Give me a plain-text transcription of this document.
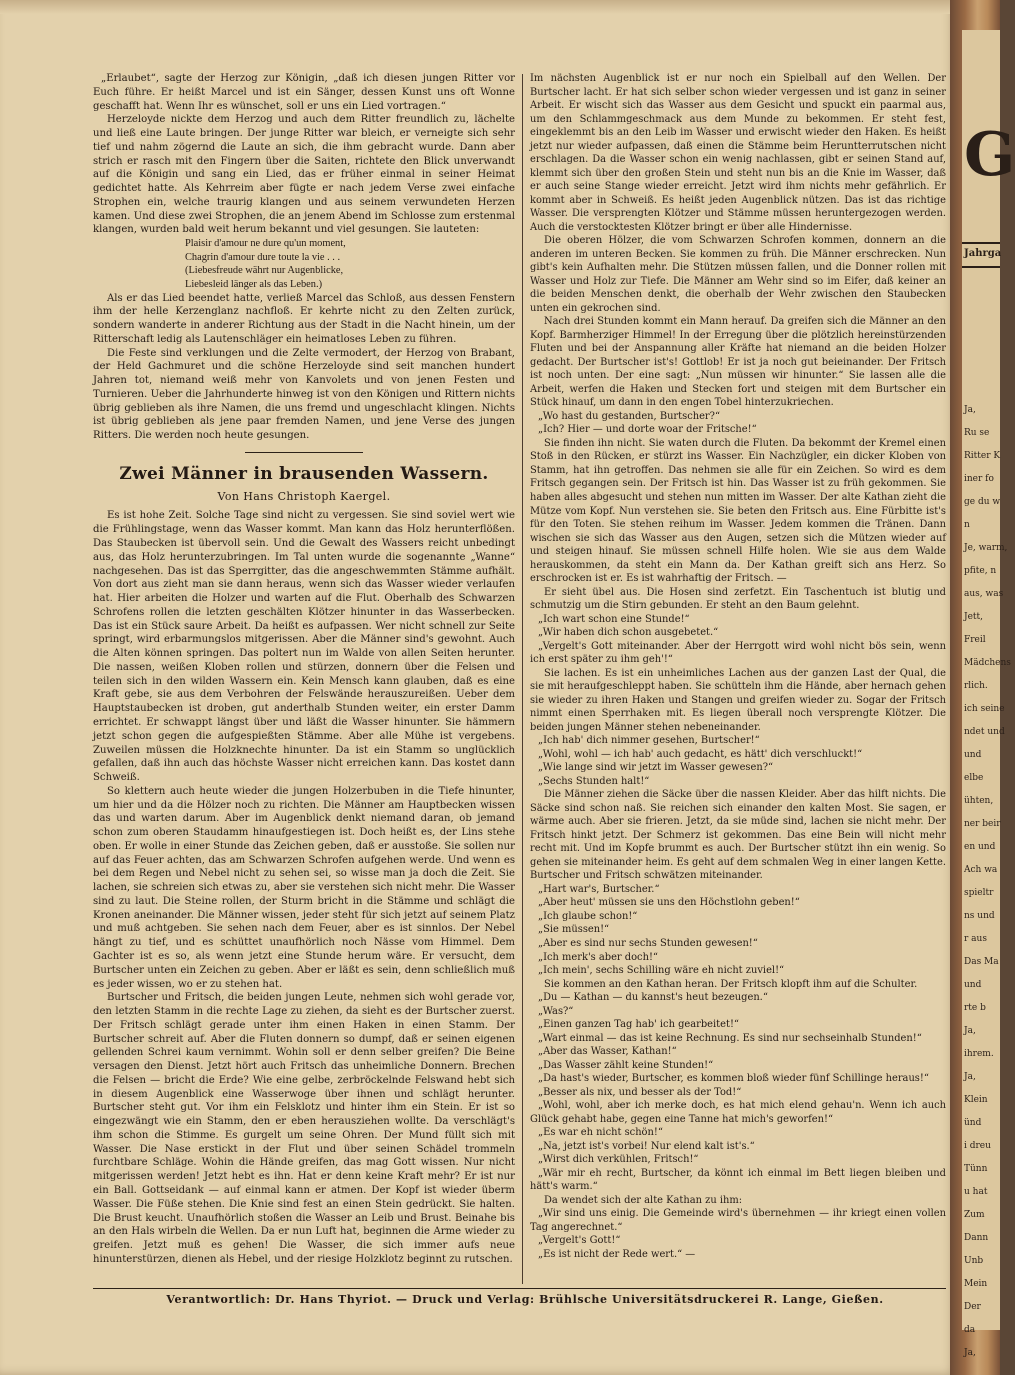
G
Jahrga
Ja,
Ru se
Ritter K
iner fo
ge du w
n
Je, warm,
pfite, n
aus, was
Jett,
Freil
Mädchens
rlich.
ich seine
ndet und
und
elbe
ühten,
ner beir
en und
Ach wa
spieltr
ns und
r aus
Das Ma
und
rte b
Ja,
ihrem.
Ja,
Klein
ünd
i dreu
Tünn
u hat
Zum
Dann
Unb
Mein
Der
da
Ja,

„Erlaubet“, sagte der Herzog zur Königin, „daß ich diesen jungen Ritter vor Euch führe. Er heißt Marcel und ist ein Sänger, dessen Kunst uns oft Wonne geschafft hat. Wenn Ihr es wünschet, soll er uns ein Lied vortragen.“

Herzeloyde nickte dem Herzog und auch dem Ritter freundlich zu, lächelte und ließ eine Laute bringen. Der junge Ritter war bleich, er verneigte sich sehr tief und nahm zögernd die Laute an sich, die ihm gebracht wurde. Dann aber strich er rasch mit den Fingern über die Saiten, richtete den Blick unverwandt auf die Königin und sang ein Lied, das er früher einmal in seiner Heimat gedichtet hatte. Als Kehrreim aber fügte er nach jedem Verse zwei einfache Strophen ein, welche traurig klangen und aus seinem verwundeten Herzen kamen. Und diese zwei Strophen, die an jenem Abend im Schlosse zum erstenmal klangen, wurden bald weit herum bekannt und viel gesungen. Sie lauteten:

Plaisir d'amour ne dure qu'un moment,
Chagrin d'amour dure toute la vie . . .
(Liebesfreude währt nur Augenblicke,
Liebesleid länger als das Leben.)

Als er das Lied beendet hatte, verließ Marcel das Schloß, aus dessen Fenstern ihm der helle Kerzenglanz nachfloß. Er kehrte nicht zu den Zelten zurück, sondern wanderte in anderer Richtung aus der Stadt in die Nacht hinein, um der Ritterschaft ledig als Lautenschläger ein heimatloses Leben zu führen.

Die Feste sind verklungen und die Zelte vermodert, der Herzog von Brabant, der Held Gachmuret und die schöne Herzeloyde sind seit manchen hundert Jahren tot, niemand weiß mehr von Kanvolets und von jenen Festen und Turnieren. Ueber die Jahrhunderte hinweg ist von den Königen und Rittern nichts übrig geblieben als ihre Namen, die uns fremd und ungeschlacht klingen. Nichts ist übrig geblieben als jene paar fremden Namen, und jene Verse des jungen Ritters. Die werden noch heute gesungen.

Zwei Männer in brausenden Wassern.
Von Hans Christoph Kaergel.

Es ist hohe Zeit. Solche Tage sind nicht zu vergessen. Sie sind soviel wert wie die Frühlingstage, wenn das Wasser kommt. Man kann das Holz herunterflößen. Das Staubecken ist übervoll sein. Und die Gewalt des Wassers reicht unbedingt aus, das Holz herunterzubringen. Im Tal unten wurde die sogenannte „Wanne“ nachgesehen. Das ist das Sperrgitter, das die angeschwemmten Stämme aufhält. Von dort aus zieht man sie dann heraus, wenn sich das Wasser wieder verlaufen hat. Hier arbeiten die Holzer und warten auf die Flut. Oberhalb des Schwarzen Schrofens rollen die letzten geschälten Klötzer hinunter in das Wasserbecken. Das ist ein Stück saure Arbeit. Da heißt es aufpassen. Wer nicht schnell zur Seite springt, wird erbarmungslos mitgerissen. Aber die Männer sind's gewohnt. Auch die Alten können springen. Das poltert nun im Walde von allen Seiten herunter. Die nassen, weißen Kloben rollen und stürzen, donnern über die Felsen und teilen sich in den wilden Wassern ein. Kein Mensch kann glauben, daß es eine Kraft gebe, sie aus dem Verbohren der Felswände herauszureißen. Ueber dem Hauptstaubecken ist droben, gut anderthalb Stunden weiter, ein erster Damm errichtet. Er schwappt längst über und läßt die Wasser hinunter. Sie hämmern jetzt schon gegen die aufgespießten Stämme. Aber alle Mühe ist vergebens. Zuweilen müssen die Holzknechte hinunter. Da ist ein Stamm so unglücklich gefallen, daß ihn auch das höchste Wasser nicht erreichen kann. Das kostet dann Schweiß.

So klettern auch heute wieder die jungen Holzerbuben in die Tiefe hinunter, um hier und da die Hölzer noch zu richten. Die Männer am Hauptbecken wissen das und warten darum. Aber im Augenblick denkt niemand daran, ob jemand schon zum oberen Staudamm hinaufgestiegen ist. Doch heißt es, der Lins stehe oben. Er wolle in einer Stunde das Zeichen geben, daß er ausstoße. Sie sollen nur auf das Feuer achten, das am Schwarzen Schrofen aufgehen werde. Und wenn es bei dem Regen und Nebel nicht zu sehen sei, so wisse man ja doch die Zeit. Sie lachen, sie schreien sich etwas zu, aber sie verstehen sich nicht mehr. Die Wasser sind zu laut. Die Steine rollen, der Sturm bricht in die Stämme und schlägt die Kronen aneinander. Die Männer wissen, jeder steht für sich jetzt auf seinem Platz und muß achtgeben. Sie sehen nach dem Feuer, aber es ist sinnlos. Der Nebel hängt zu tief, und es schüttet unaufhörlich noch Nässe vom Himmel. Dem Gachter ist es so, als wenn jetzt eine Stunde herum wäre. Er versucht, dem Burtscher unten ein Zeichen zu geben. Aber er läßt es sein, denn schließlich muß es jeder wissen, wo er zu stehen hat.

Burtscher und Fritsch, die beiden jungen Leute, nehmen sich wohl gerade vor, den letzten Stamm in die rechte Lage zu ziehen, da sieht es der Burtscher zuerst. Der Fritsch schlägt gerade unter ihm einen Haken in einen Stamm. Der Burtscher schreit auf. Aber die Fluten donnern so dumpf, daß er seinen eigenen gellenden Schrei kaum vernimmt. Wohin soll er denn selber greifen? Die Beine versagen den Dienst. Jetzt hört auch Fritsch das unheimliche Donnern. Brechen die Felsen — bricht die Erde? Wie eine gelbe, zerbröckelnde Felswand hebt sich in diesem Augenblick eine Wasserwoge über ihnen und schlägt herunter. Burtscher steht gut. Vor ihm ein Felsklotz und hinter ihm ein Stein. Er ist so eingezwängt wie ein Stamm, den er eben herausziehen wollte. Da verschlägt's ihm schon die Stimme. Es gurgelt um seine Ohren. Der Mund füllt sich mit Wasser. Die Nase erstickt in der Flut und über seinen Schädel trommeln furchtbare Schläge. Wohin die Hände greifen, das mag Gott wissen. Nur nicht mitgerissen werden! Jetzt hebt es ihn. Hat er denn keine Kraft mehr? Er ist nur ein Ball. Gottseidank — auf einmal kann er atmen. Der Kopf ist wieder überm Wasser. Die Füße stehen. Die Knie sind fest an einen Stein gedrückt. Sie halten. Die Brust keucht. Unaufhörlich stoßen die Wasser an Leib und Brust. Beinahe bis an den Hals wirbeln die Wellen. Da er nun Luft hat, beginnen die Arme wieder zu greifen. Jetzt muß es gehen! Die Wasser, die sich immer aufs neue hinunterstürzen, dienen als Hebel, und der riesige Holzklotz beginnt zu rutschen.

Im nächsten Augenblick ist er nur noch ein Spielball auf den Wellen. Der Burtscher lacht. Er hat sich selber schon wieder vergessen und ist ganz in seiner Arbeit. Er wischt sich das Wasser aus dem Gesicht und spuckt ein paarmal aus, um den Schlammgeschmack aus dem Munde zu bekommen. Er steht fest, eingeklemmt bis an den Leib im Wasser und erwischt wieder den Haken. Es heißt jetzt nur wieder aufpassen, daß einen die Stämme beim Heruntterrutschen nicht erschlagen. Da die Wasser schon ein wenig nachlassen, gibt er seinen Stand auf, klemmt sich über den großen Stein und steht nun bis an die Knie im Wasser, daß er auch seine Stange wieder erreicht. Jetzt wird ihm nichts mehr gefährlich. Er kommt aber in Schweiß. Es heißt jeden Augenblick nützen. Das ist das richtige Wasser. Die versprengten Klötzer und Stämme müssen heruntergezogen werden. Auch die verstocktesten Klötzer bringt er über alle Hindernisse.

Die oberen Hölzer, die vom Schwarzen Schrofen kommen, donnern an die anderen im unteren Becken. Sie kommen zu früh. Die Männer erschrecken. Nun gibt's kein Aufhalten mehr. Die Stützen müssen fallen, und die Donner rollen mit Wasser und Holz zur Tiefe. Die Männer am Wehr sind so im Eifer, daß keiner an die beiden Menschen denkt, die oberhalb der Wehr zwischen den Staubecken unten ein gekrochen sind.

Nach drei Stunden kommt ein Mann herauf. Da greifen sich die Männer an den Kopf. Barmherziger Himmel! In der Erregung über die plötzlich hereinstürzenden Fluten und bei der Anspannung aller Kräfte hat niemand an die beiden Holzer gedacht. Der Burtscher ist's! Gottlob! Er ist ja noch gut beieinander. Der Fritsch ist noch unten. Der eine sagt: „Nun müssen wir hinunter.“ Sie lassen alle die Arbeit, werfen die Haken und Stecken fort und steigen mit dem Burtscher ein Stück hinauf, um dann in den engen Tobel hinterzukriechen.

„Wo hast du gestanden, Burtscher?“

„Ich? Hier — und dorte woar der Fritsche!“

Sie finden ihn nicht. Sie waten durch die Fluten. Da bekommt der Kremel einen Stoß in den Rücken, er stürzt ins Wasser. Ein Nachzügler, ein dicker Kloben von Stamm, hat ihn getroffen. Das nehmen sie alle für ein Zeichen. So wird es dem Fritsch gegangen sein. Der Fritsch ist hin. Das Wasser ist zu früh gekommen. Sie haben alles abgesucht und stehen nun mitten im Wasser. Der alte Kathan zieht die Mütze vom Kopf. Nun verstehen sie. Sie beten den Fritsch aus. Eine Fürbitte ist's für den Toten. Sie stehen reihum im Wasser. Jedem kommen die Tränen. Dann wischen sie sich das Wasser aus den Augen, setzen sich die Mützen wieder auf und steigen hinauf. Sie müssen schnell Hilfe holen. Wie sie aus dem Walde herauskommen, da steht ein Mann da. Der Kathan greift sich ans Herz. So erschrocken ist er. Es ist wahrhaftig der Fritsch. —

Er sieht übel aus. Die Hosen sind zerfetzt. Ein Taschentuch ist blutig und schmutzig um die Stirn gebunden. Er steht an den Baum gelehnt.

„Ich wart schon eine Stunde!“

„Wir haben dich schon ausgebetet.“

„Vergelt's Gott miteinander. Aber der Herrgott wird wohl nicht bös sein, wenn ich erst später zu ihm geh'!“

Sie lachen. Es ist ein unheimliches Lachen aus der ganzen Last der Qual, die sie mit heraufgeschleppt haben. Sie schütteln ihm die Hände, aber hernach gehen sie wieder zu ihren Haken und Stangen und greifen wieder zu. Sogar der Fritsch nimmt einen Sperrhaken mit. Es liegen überall noch versprengte Klötzer. Die beiden jungen Männer stehen nebeneinander.

„Ich hab' dich nimmer gesehen, Burtscher!“

„Wohl, wohl — ich hab' auch gedacht, es hätt' dich verschluckt!“

„Wie lange sind wir jetzt im Wasser gewesen?“

„Sechs Stunden halt!“

Die Männer ziehen die Säcke über die nassen Kleider. Aber das hilft nichts. Die Säcke sind schon naß. Sie reichen sich einander den kalten Most. Sie sagen, er wärme auch. Aber sie frieren. Jetzt, da sie müde sind, lachen sie nicht mehr. Der Fritsch hinkt jetzt. Der Schmerz ist gekommen. Das eine Bein will nicht mehr recht mit. Und im Kopfe brummt es auch. Der Burtscher stützt ihn ein wenig. So gehen sie miteinander heim. Es geht auf dem schmalen Weg in einer langen Kette. Burtscher und Fritsch schwätzen miteinander.

„Hart war's, Burtscher.“

„Aber heut' müssen sie uns den Höchstlohn geben!“

„Ich glaube schon!“

„Sie müssen!“

„Aber es sind nur sechs Stunden gewesen!“

„Ich merk's aber doch!“

„Ich mein', sechs Schilling wäre eh nicht zuviel!“

Sie kommen an den Kathan heran. Der Fritsch klopft ihm auf die Schulter.

„Du — Kathan — du kannst's heut bezeugen.“

„Was?“

„Einen ganzen Tag hab' ich gearbeitet!“

„Wart einmal — das ist keine Rechnung. Es sind nur sechseinhalb Stunden!“

„Aber das Wasser, Kathan!“

„Das Wasser zählt keine Stunden!“

„Da hast's wieder, Burtscher, es kommen bloß wieder fünf Schillinge heraus!“

„Besser als nix, und besser als der Tod!“

„Wohl, wohl, aber ich merke doch, es hat mich elend gehau'n. Wenn ich auch Glück gehabt habe, gegen eine Tanne hat mich's geworfen!“

„Es war eh nicht schön!“

„Na, jetzt ist's vorbei! Nur elend kalt ist's.“

„Wirst dich verkühlen, Fritsch!“

„Wär mir eh recht, Burtscher, da könnt ich einmal im Bett liegen bleiben und hätt's warm.“

Da wendet sich der alte Kathan zu ihm:

„Wir sind uns einig. Die Gemeinde wird's übernehmen — ihr kriegt einen vollen Tag angerechnet.“

„Vergelt's Gott!“

„Es ist nicht der Rede wert.“ —

Verantwortlich: Dr. Hans Thyriot. — Druck und Verlag: Brühlsche Universitätsdruckerei R. Lange, Gießen.
